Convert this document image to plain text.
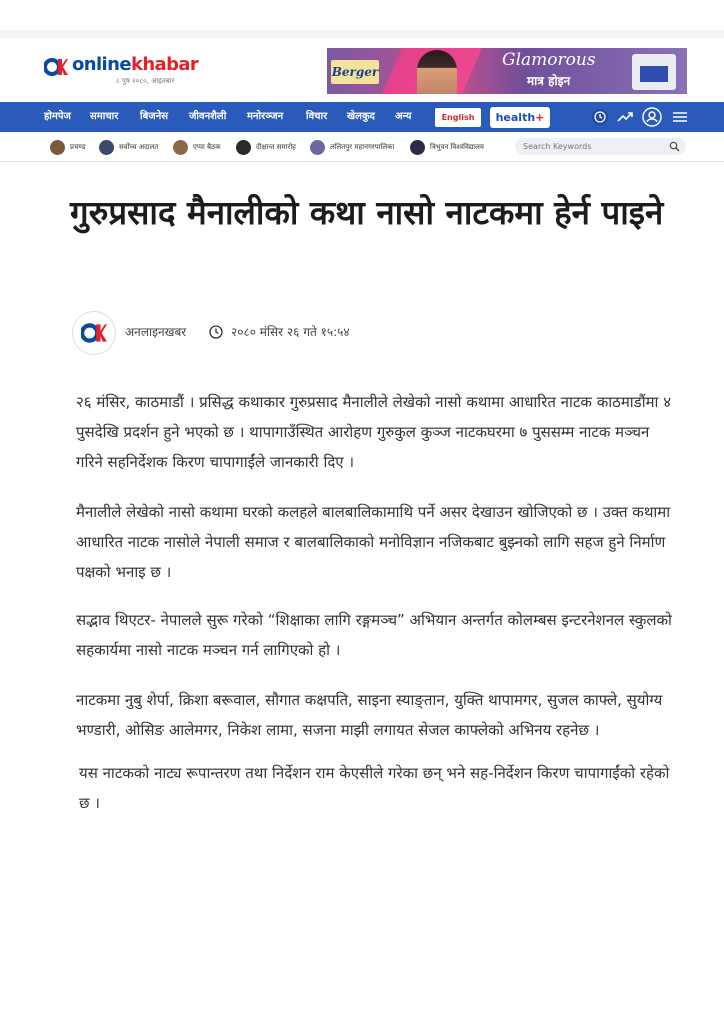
onlinekhabar
८ पुष २०८०, आइतबार
Berger
Glamorous
मात्र होइन
होमपेज समाचार बिजनेस जीवनशैली मनोरञ्जन विचार खेलकुद अन्य	English	health+
प्रचण्ड	सर्वोच्च अदालत	एप्पा बैठक	दीक्षान्त समारोह	ललितपुर महानगरपालिका	त्रिभुवन विश्वविद्यालय
Search Keywords
गुरुप्रसाद मैनालीको कथा नासो नाटकमा हेर्न पाइने
अनलाइनखबर	२०८० मंसिर २६ गते १५:५४

२६ मंसिर, काठमाडौं । प्रसिद्ध कथाकार गुरुप्रसाद मैनालीले लेखेको नासो कथामा आधारित नाटक काठमाडौंमा ४ पुसदेखि प्रदर्शन हुने भएको छ । थापागाउँस्थित आरोहण गुरुकुल कुञ्ज नाटकघरमा ७ पुससम्म नाटक मञ्चन गरिने सहनिर्देशक किरण चापागाईंले जानकारी दिए ।

मैनालीले लेखेको नासो कथामा घरको कलहले बालबालिकामाथि पर्ने असर देखाउन खोजिएको छ । उक्त कथामा आधारित नाटक नासोले नेपाली समाज र बालबालिकाको मनोविज्ञान नजिकबाट बुझ्नको लागि सहज हुने निर्माण पक्षको भनाइ छ ।

सद्भाव थिएटर- नेपालले सुरू गरेको “शिक्षाका लागि रङ्गमञ्च” अभियान अन्तर्गत कोलम्बस इन्टरनेशनल स्कुलको सहकार्यमा नासो नाटक मञ्चन गर्न लागिएको हो ।

नाटकमा नुबु शेर्पा, क्रिशा बरूवाल, सौगात कक्षपति, साइना स्याङ्तान, युक्ति थापामगर, सुजल काफ्ले, सुयोग्य भण्डारी, ओसिङ आलेमगर, निकेश लामा, सजना माझी लगायत सेजल काफ्लेको अभिनय रहनेछ ।

यस नाटकको नाट्य रूपान्तरण तथा निर्देशन राम केएसीले गरेका छन् भने सह-निर्देशन किरण चापागाईंको रहेको छ ।
